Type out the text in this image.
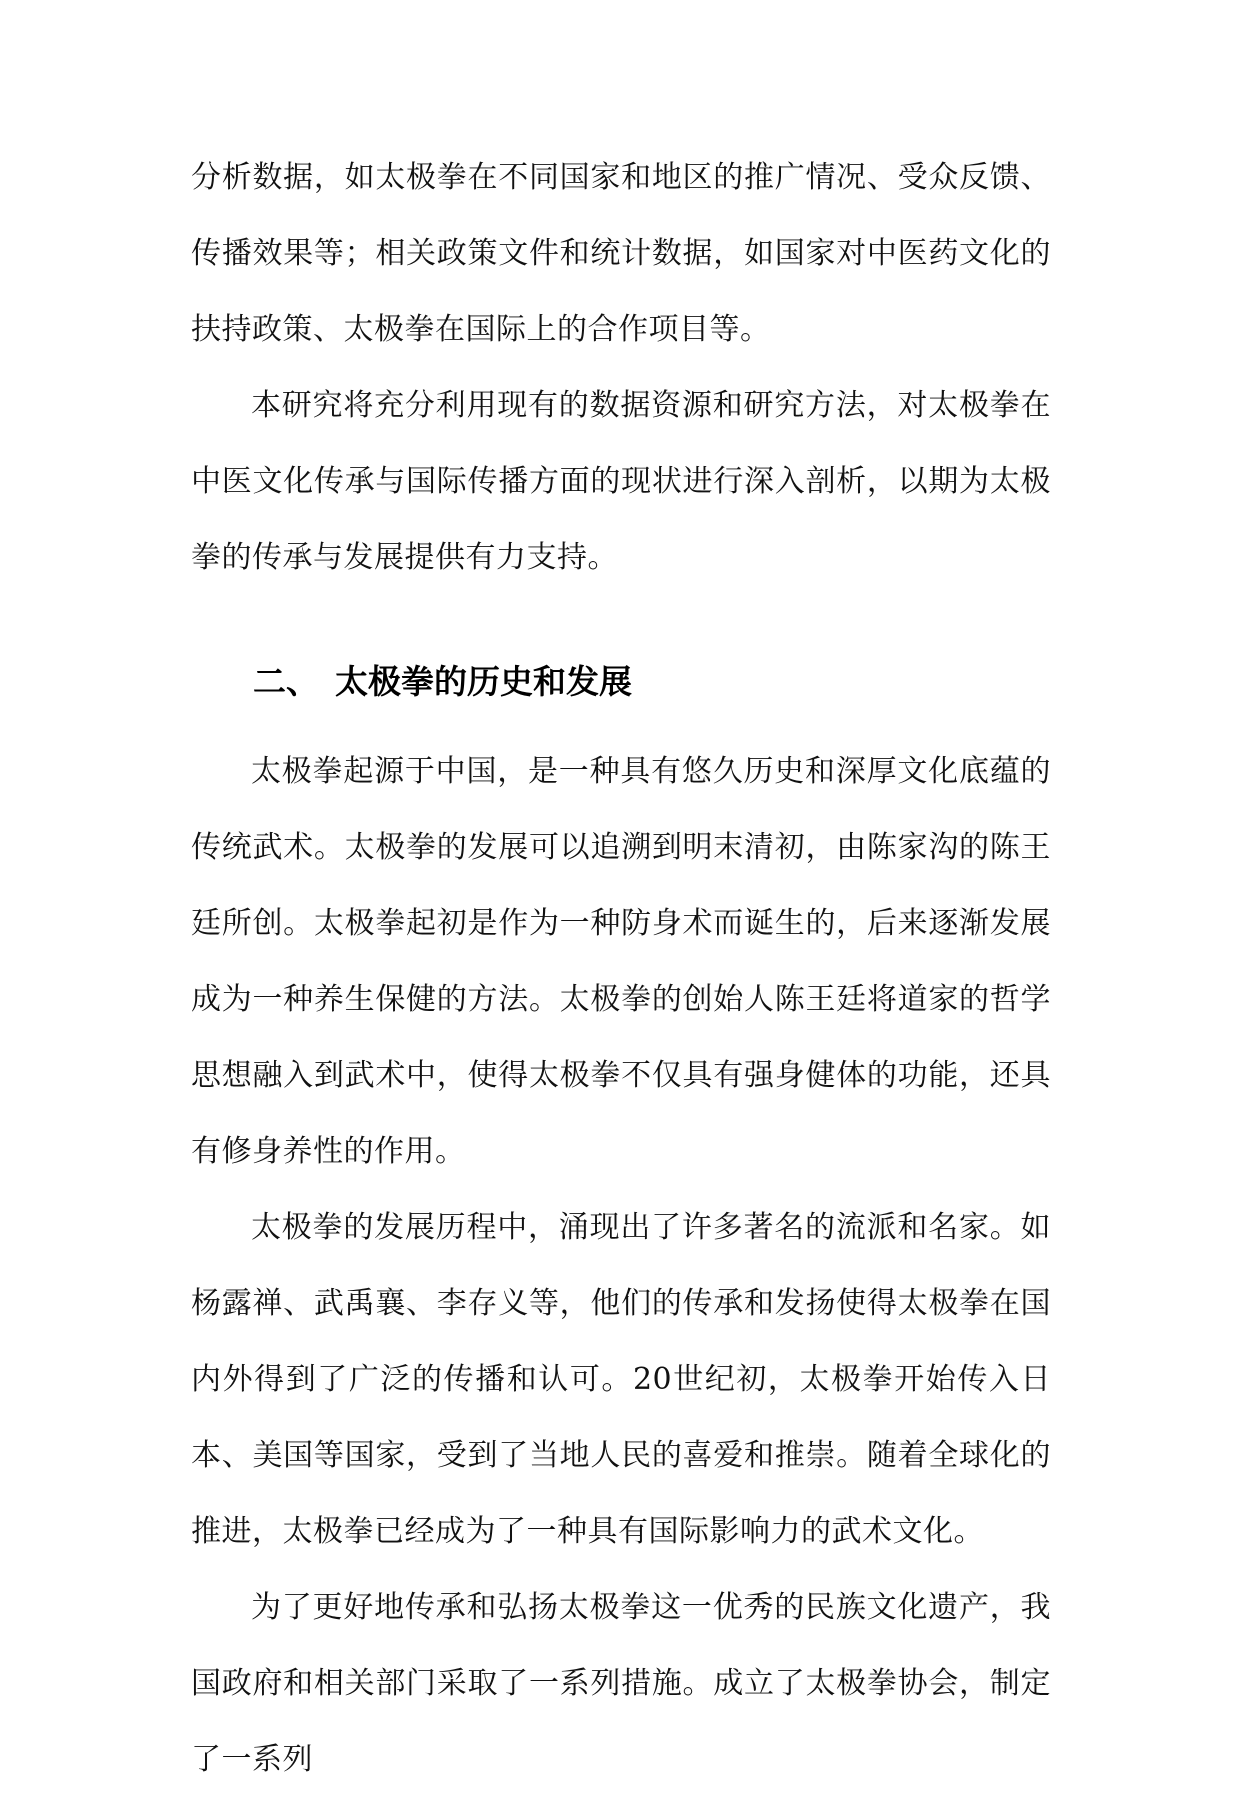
分析数据，如太极拳在不同国家和地区的推广情况、受众反馈、传播效果等；相关政策文件和统计数据，如国家对中医药文化的扶持政策、太极拳在国际上的合作项目等。

本研究将充分利用现有的数据资源和研究方法，对太极拳在中医文化传承与国际传播方面的现状进行深入剖析，以期为太极拳的传承与发展提供有力支持。

二、 太极拳的历史和发展

太极拳起源于中国，是一种具有悠久历史和深厚文化底蕴的传统武术。太极拳的发展可以追溯到明末清初，由陈家沟的陈王廷所创。太极拳起初是作为一种防身术而诞生的，后来逐渐发展成为一种养生保健的方法。太极拳的创始人陈王廷将道家的哲学思想融入到武术中，使得太极拳不仅具有强身健体的功能，还具有修身养性的作用。

太极拳的发展历程中，涌现出了许多著名的流派和名家。如杨露禅、武禹襄、李存义等，他们的传承和发扬使得太极拳在国内外得到了广泛的传播和认可。20世纪初，太极拳开始传入日本、美国等国家，受到了当地人民的喜爱和推崇。随着全球化的推进，太极拳已经成为了一种具有国际影响力的武术文化。

为了更好地传承和弘扬太极拳这一优秀的民族文化遗产，我国政府和相关部门采取了一系列措施。成立了太极拳协会，制定了一系列
